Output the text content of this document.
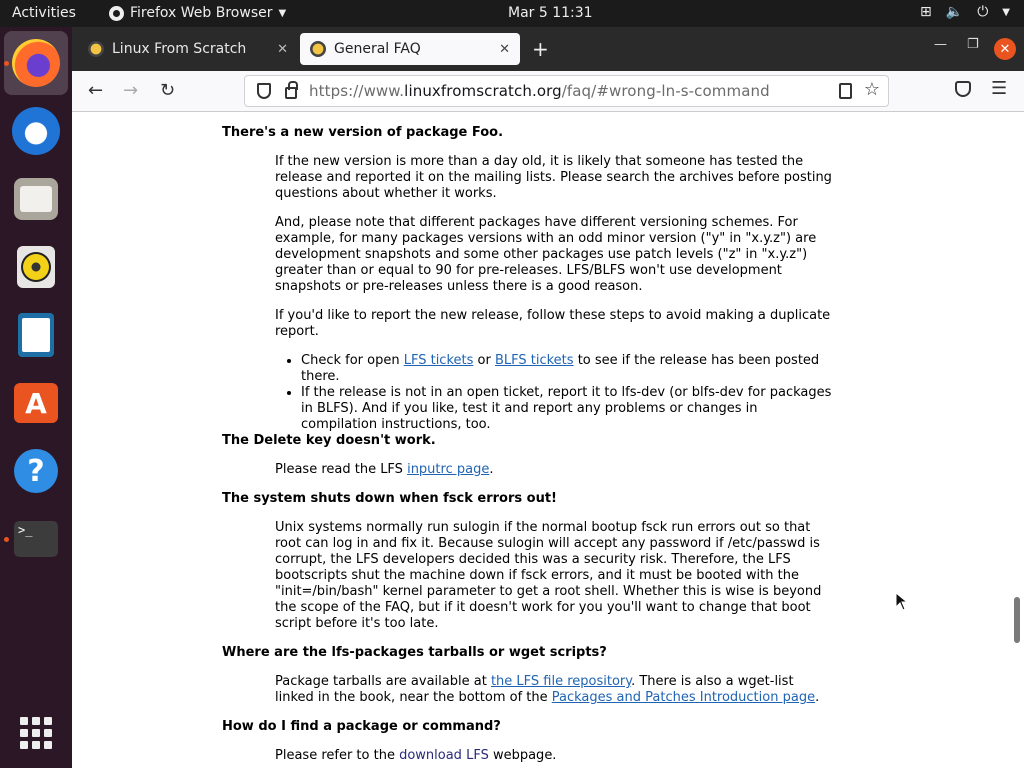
Activities	Firefox Web Browser ▼	Mar 5 11:31	⊞ 🔈 ⏻ ▼
A
?
>_
Linux From Scratch ✕	General FAQ	✕ +	— ❐	✕
← → ↻	https://www.linuxfromscratch.org/faq/#wrong-ln-s-command	☆	☰
There's a new version of package Foo.

If the new version is more than a day old, it is likely that someone has tested the release and reported it on the mailing lists. Please search the archives before posting questions about whether it works.

And, please note that different packages have different versioning schemes. For example, for many packages versions with an odd minor version ("y" in "x.y.z") are development snapshots and some other packages use patch levels ("z" in "x.y.z") greater than or equal to 90 for pre-releases. LFS/BLFS won't use development snapshots or pre-releases unless there is a good reason.

If you'd like to report the new release, follow these steps to avoid making a duplicate report.

• Check for open LFS tickets or BLFS tickets to see if the release has been posted there.
• If the release is not in an open ticket, report it to lfs-dev (or blfs-dev for packages in BLFS). And if you like, test it and report any problems or changes in compilation instructions, too.
The Delete key doesn't work.

Please read the LFS inputrc page.

The system shuts down when fsck errors out!

Unix systems normally run sulogin if the normal bootup fsck run errors out so that root can log in and fix it. Because sulogin will accept any password if /etc/passwd is corrupt, the LFS developers decided this was a security risk. Therefore, the LFS bootscripts shut the machine down if fsck errors, and it must be booted with the "init=/bin/bash" kernel parameter to get a root shell. Whether this is wise is beyond the scope of the FAQ, but if it doesn't work for you you'll want to change that boot script before it's too late.

Where are the lfs-packages tarballs or wget scripts?

Package tarballs are available at the LFS file repository. There is also a wget-list linked in the book, near the bottom of the Packages and Patches Introduction page.

How do I find a package or command?

Please refer to the download LFS webpage.
